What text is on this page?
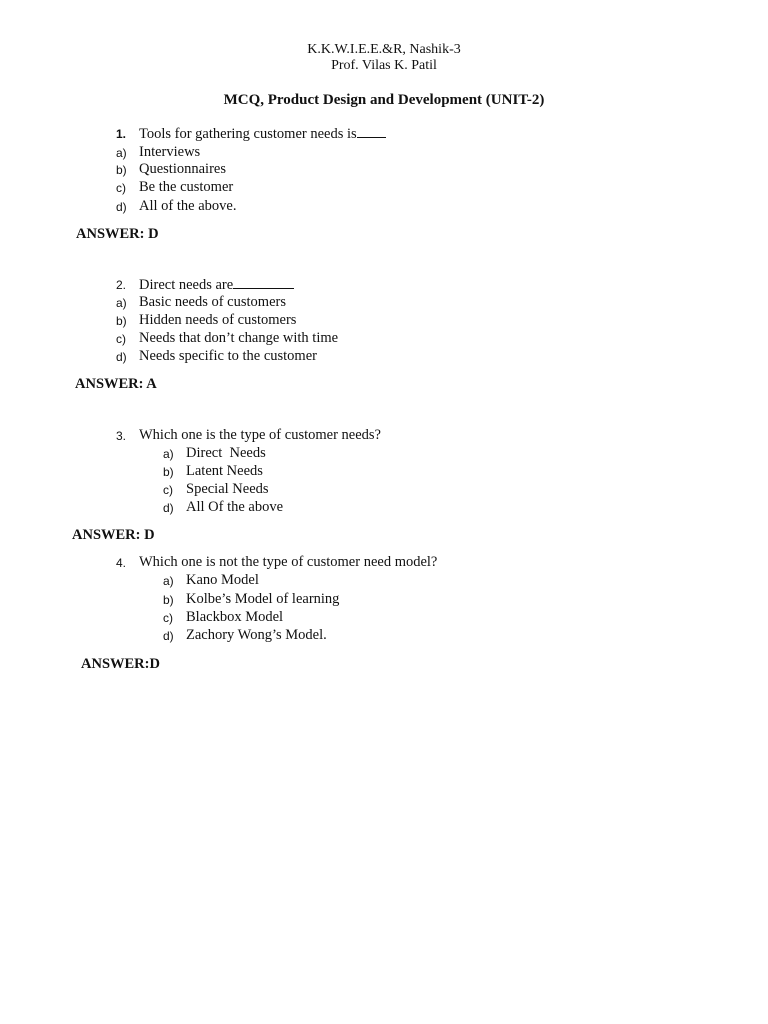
K.K.W.I.E.E.&R, Nashik-3
Prof. Vilas K. Patil
MCQ, Product Design and Development (UNIT-2)
1. Tools for gathering customer needs is
a) Interviews
b) Questionnaires
c) Be the customer
d) All of the above.
ANSWER: D
2. Direct needs are
a) Basic needs of customers
b) Hidden needs of customers
c) Needs that don’t change with time
d) Needs specific to the customer
ANSWER: A
3. Which one is the type of customer needs?
a) Direct  Needs
b) Latent Needs
c) Special Needs
d) All Of the above
ANSWER: D
4. Which one is not the type of customer need model?
a) Kano Model
b) Kolbe’s Model of learning
c) Blackbox Model
d) Zachory Wong’s Model.
ANSWER:D
